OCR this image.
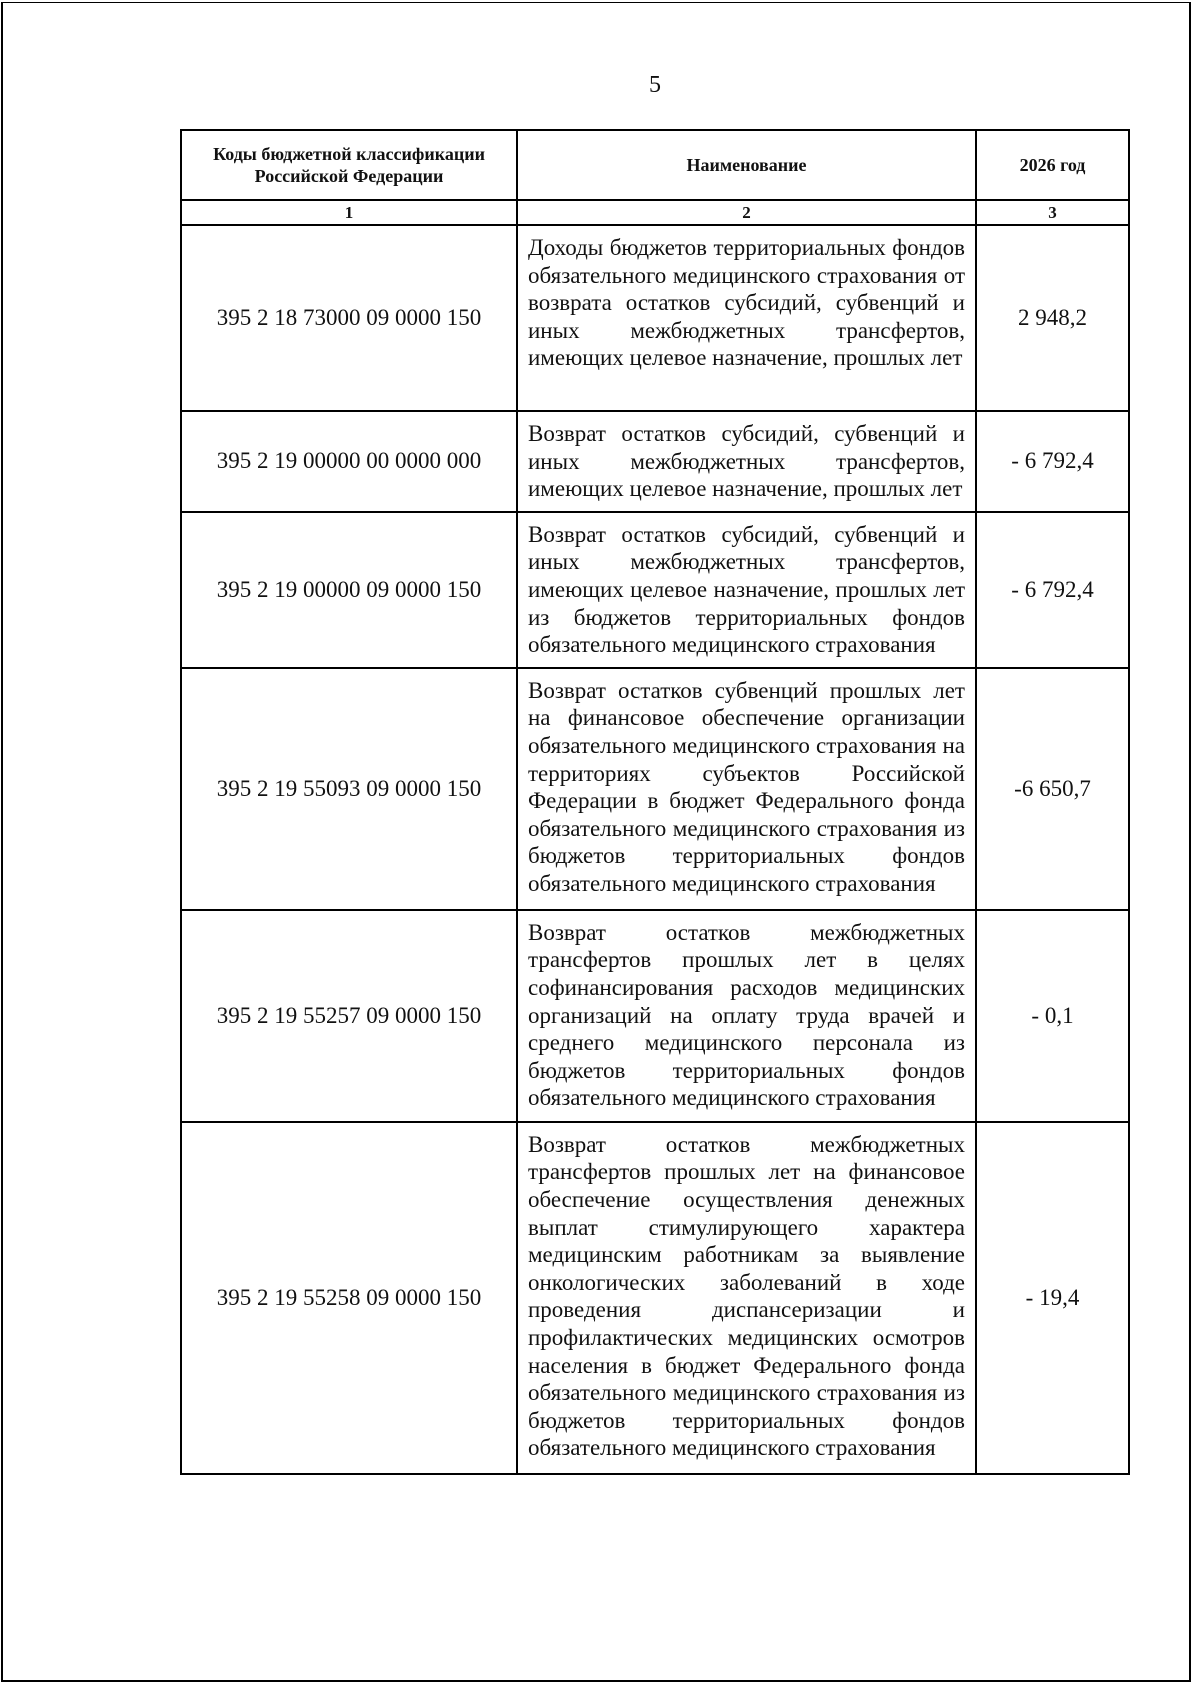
5
Коды бюджетной классификации Российской Федерации	Наименование	2026 год
1	2	3
395 2 18 73000 09 0000 150	Доходы бюджетов территориальных фондов обязательного медицинского страхования от возврата остатков субсидий, субвенций и иных межбюджетных трансфертов, имеющих целевое назначение, прошлых лет	2 948,2
395 2 19 00000 00 0000 000	Возврат остатков субсидий, субвенций и иных межбюджетных трансфертов, имеющих целевое назначение, прошлых лет	- 6 792,4
395 2 19 00000 09 0000 150	Возврат остатков субсидий, субвенций и иных межбюджетных трансфертов, имеющих целевое назначение, прошлых лет из бюджетов территориальных фондов обязательного медицинского страхования	- 6 792,4
395 2 19 55093 09 0000 150	Возврат остатков субвенций прошлых лет на финансовое обеспечение организации обязательного медицинского страхования на территориях субъектов Российской Федерации в бюджет Федерального фонда обязательного медицинского страхования из бюджетов территориальных фондов обязательного медицинского страхования	-6 650,7
395 2 19 55257 09 0000 150	Возврат остатков межбюджетных трансфертов прошлых лет в целях софинансирования расходов медицинских организаций на оплату труда врачей и среднего медицинского персонала из бюджетов территориальных фондов обязательного медицинского страхования	- 0,1
395 2 19 55258 09 0000 150	Возврат остатков межбюджетных трансфертов прошлых лет на финансовое обеспечение осуществления денежных выплат стимулирующего характера медицинским работникам за выявление онкологических заболеваний в ходе проведения диспансеризации и профилактических медицинских осмотров населения в бюджет Федерального фонда обязательного медицинского страхования из бюджетов территориальных фондов обязательного медицинского страхования	- 19,4
